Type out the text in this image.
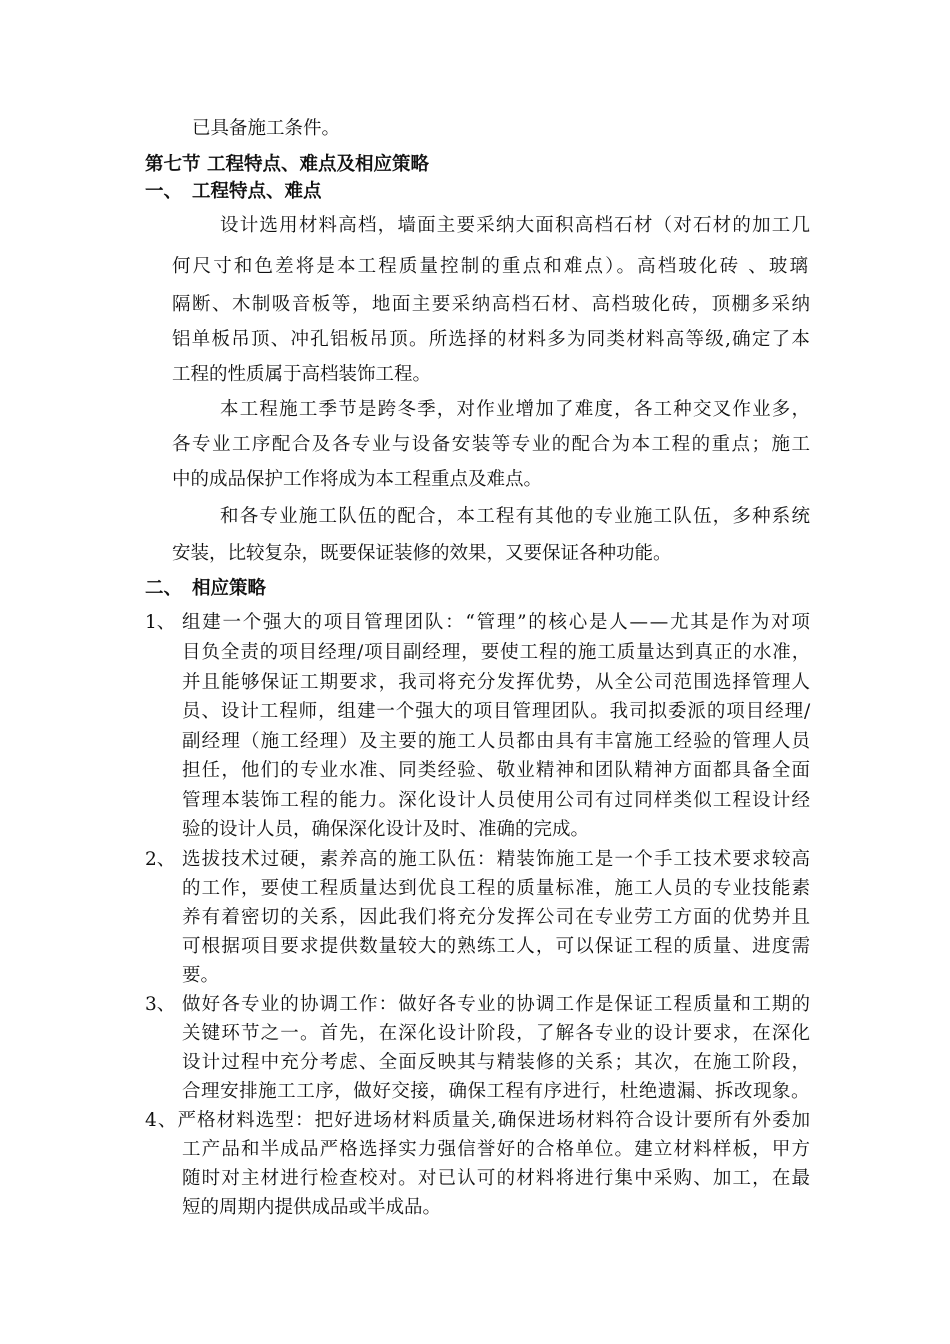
已具备施工条件。
第七节 工程特点、难点及相应策略
一、 工程特点、难点
设计选用材料高档，墙面主要采纳大面积高档石材（对石材的加工几
何尺寸和色差将是本工程质量控制的重点和难点）。高档玻化砖 、玻璃
隔断、木制吸音板等，地面主要采纳高档石材、高档玻化砖，顶棚多采纳
铝单板吊顶、冲孔铝板吊顶。所选择的材料多为同类材料高等级,确定了本
工程的性质属于高档装饰工程。
本工程施工季节是跨冬季，对作业增加了难度，各工种交叉作业多，
各专业工序配合及各专业与设备安装等专业的配合为本工程的重点；施工
中的成品保护工作将成为本工程重点及难点。
和各专业施工队伍的配合，本工程有其他的专业施工队伍，多种系统
安装，比较复杂，既要保证装修的效果，又要保证各种功能。
二、 相应策略
1、 组建一个强大的项目管理团队：“管理”的核心是人——尤其是作为对项
目负全责的项目经理/项目副经理，要使工程的施工质量达到真正的水准，
并且能够保证工期要求，我司将充分发挥优势，从全公司范围选择管理人
员、设计工程师，组建一个强大的项目管理团队。我司拟委派的项目经理/
副经理（施工经理）及主要的施工人员都由具有丰富施工经验的管理人员
担任，他们的专业水准、同类经验、敬业精神和团队精神方面都具备全面
管理本装饰工程的能力。深化设计人员使用公司有过同样类似工程设计经
验的设计人员，确保深化设计及时、准确的完成。
2、 选拔技术过硬，素养高的施工队伍：精装饰施工是一个手工技术要求较高
的工作，要使工程质量达到优良工程的质量标准，施工人员的专业技能素
养有着密切的关系，因此我们将充分发挥公司在专业劳工方面的优势并且
可根据项目要求提供数量较大的熟练工人，可以保证工程的质量、进度需
要。
3、 做好各专业的协调工作：做好各专业的协调工作是保证工程质量和工期的
关键环节之一。首先，在深化设计阶段，了解各专业的设计要求，在深化
设计过程中充分考虑、全面反映其与精装修的关系；其次，在施工阶段，
合理安排施工工序，做好交接，确保工程有序进行，杜绝遗漏、拆改现象。
4、严格材料选型：把好进场材料质量关,确保进场材料符合设计要所有外委加
工产品和半成品严格选择实力强信誉好的合格单位。建立材料样板，甲方
随时对主材进行检查校对。对已认可的材料将进行集中采购、加工，在最
短的周期内提供成品或半成品。
